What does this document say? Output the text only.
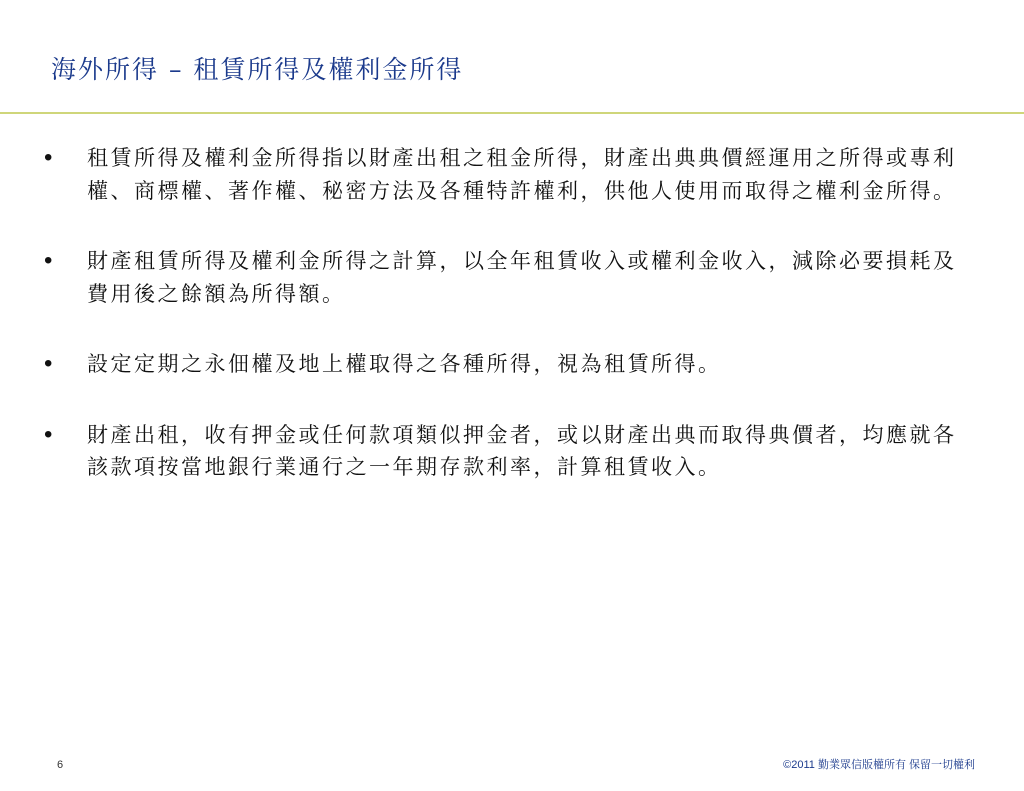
海外所得 – 租賃所得及權利金所得
• 租賃所得及權利金所得指以財產出租之租金所得，財產出典典價經運用之所得或專利權、商標權、著作權、秘密方法及各種特許權利，供他人使用而取得之權利金所得。
• 財產租賃所得及權利金所得之計算，以全年租賃收入或權利金收入，減除必要損耗及費用後之餘額為所得額。
• 設定定期之永佃權及地上權取得之各種所得，視為租賃所得。
• 財產出租，收有押金或任何款項類似押金者，或以財產出典而取得典價者，均應就各該款項按當地銀行業通行之一年期存款利率，計算租賃收入。
6	©2011 勤業眾信版權所有 保留一切權利
